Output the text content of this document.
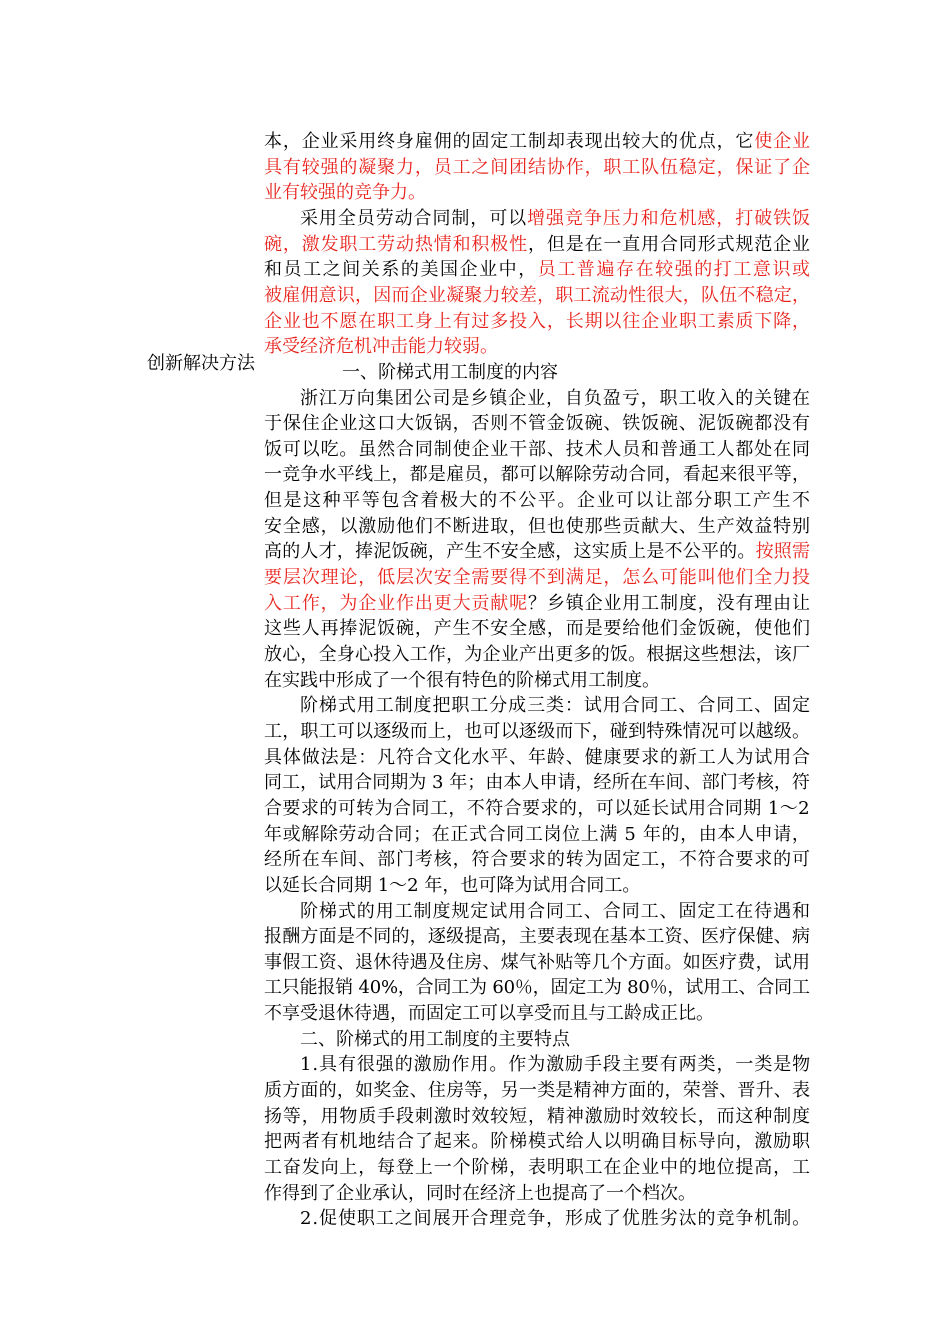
创新解决方法
本，企业采用终身雇佣的固定工制却表现出较大的优点，它使企业
具有较强的凝聚力，员工之间团结协作，职工队伍稳定，保证了企
业有较强的竞争力。
采用全员劳动合同制，可以增强竞争压力和危机感，打破铁饭
碗，激发职工劳动热情和积极性，但是在一直用合同形式规范企业
和员工之间关系的美国企业中，员工普遍存在较强的打工意识或
被雇佣意识，因而企业凝聚力较差，职工流动性很大，队伍不稳定，
企业也不愿在职工身上有过多投入，长期以往企业职工素质下降，
承受经济危机冲击能力较弱。
一、阶梯式用工制度的内容
浙江万向集团公司是乡镇企业，自负盈亏，职工收入的关键在
于保住企业这口大饭锅，否则不管金饭碗、铁饭碗、泥饭碗都没有
饭可以吃。虽然合同制使企业干部、技术人员和普通工人都处在同
一竞争水平线上，都是雇员，都可以解除劳动合同，看起来很平等，
但是这种平等包含着极大的不公平。企业可以让部分职工产生不
安全感，以激励他们不断进取，但也使那些贡献大、生产效益特别
高的人才，捧泥饭碗，产生不安全感，这实质上是不公平的。按照需
要层次理论，低层次安全需要得不到满足，怎么可能叫他们全力投
入工作，为企业作出更大贡献呢？乡镇企业用工制度，没有理由让
这些人再捧泥饭碗，产生不安全感，而是要给他们金饭碗，使他们
放心，全身心投入工作，为企业产出更多的饭。根据这些想法，该厂
在实践中形成了一个很有特色的阶梯式用工制度。
阶梯式用工制度把职工分成三类：试用合同工、合同工、固定
工，职工可以逐级而上，也可以逐级而下，碰到特殊情况可以越级。
具体做法是：凡符合文化水平、年龄、健康要求的新工人为试用合
同工，试用合同期为 3 年；由本人申请，经所在车间、部门考核，符
合要求的可转为合同工，不符合要求的，可以延长试用合同期 1～2
年或解除劳动合同；在正式合同工岗位上满 5 年的，由本人申请，
经所在车间、部门考核，符合要求的转为固定工，不符合要求的可
以延长合同期 1～2 年，也可降为试用合同工。
阶梯式的用工制度规定试用合同工、合同工、固定工在待遇和
报酬方面是不同的，逐级提高，主要表现在基本工资、医疗保健、病
事假工资、退休待遇及住房、煤气补贴等几个方面。如医疗费，试用
工只能报销 40%，合同工为 60％，固定工为 80％，试用工、合同工
不享受退休待遇，而固定工可以享受而且与工龄成正比。
二、阶梯式的用工制度的主要特点
1.具有很强的激励作用。作为激励手段主要有两类，一类是物
质方面的，如奖金、住房等，另一类是精神方面的，荣誉、晋升、表
扬等，用物质手段刺激时效较短，精神激励时效较长，而这种制度
把两者有机地结合了起来。阶梯模式给人以明确目标导向，激励职
工奋发向上，每登上一个阶梯，表明职工在企业中的地位提高，工
作得到了企业承认，同时在经济上也提高了一个档次。
2.促使职工之间展开合理竞争，形成了优胜劣汰的竞争机制。
